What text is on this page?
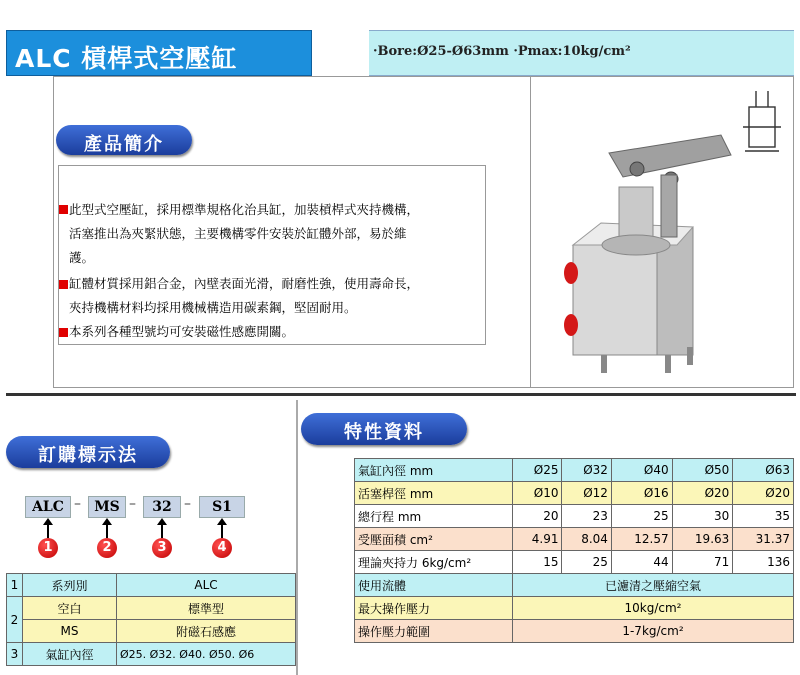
ALC 槓桿式空壓缸	·Bore:Ø25-Ø63mm ·Pmax:10kg/cm²
產品簡介
此型式空壓缸，採用標準規格化治具缸，加裝槓桿式夾持機構，
活塞推出為夾緊狀態，主要機構零件安裝於缸體外部，易於維
護。
缸體材質採用鋁合金，內壁表面光滑，耐磨性強，使用壽命長，
夾持機構材料均採用機械構造用碳素鋼，堅固耐用。
本系列各種型號均可安裝磁性感應開關。
訂購標示法
ALC – MS –	32 –	S1
1	2	3	4
1	系列別	ALC
2	空白	標準型
	MS	附磁石感應
3	氣缸內徑	Ø25. Ø32. Ø40. Ø50. Ø6
特性資料
氣缸內徑 mm	Ø25	Ø32	Ø40	Ø50	Ø63
活塞桿徑 mm	Ø10	Ø12	Ø16	Ø20	Ø20
總行程 mm	20	23	25	30	35
受壓面積 cm²	4.91	8.04	12.57	19.63	31.37
理論夾持力 6kg/cm²	15	25	44	71	136
使用流體	已濾清之壓縮空氣				
最大操作壓力	10kg/cm²				
操作壓力範圍	1-7kg/cm²				
